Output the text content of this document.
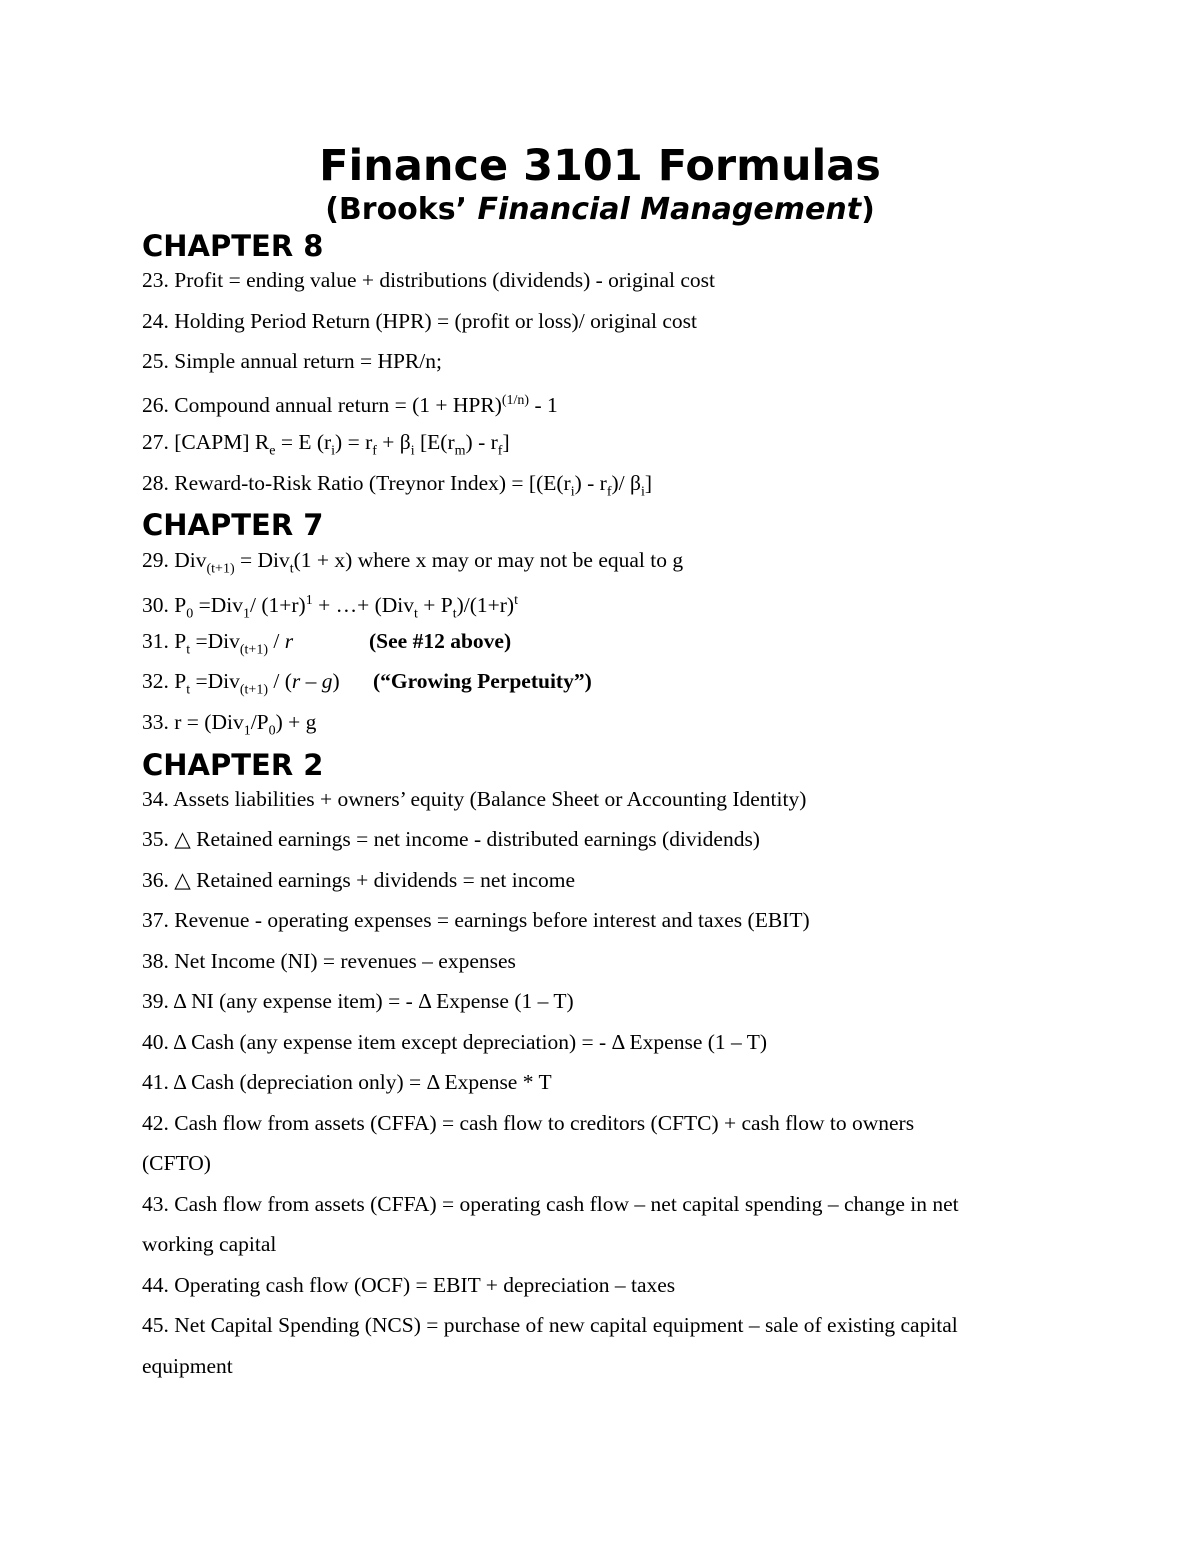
Finance 3101 Formulas
(Brooks’ Financial Management)
CHAPTER 8
23. Profit = ending value + distributions (dividends) - original cost
24. Holding Period Return (HPR) = (profit or loss)/ original cost
25. Simple annual return = HPR/n;
26. Compound annual return = (1 + HPR)$^{(1/n)}$ - 1
27. [CAPM] $R_e = E$ $(r_i) = r_f + \beta_i$ $[E(r_m) - r_f]$
28. Reward-to-Risk Ratio (Treynor Index) = [$(E(r_i) - r_f)/$ $\beta_i$]
CHAPTER 7
29. Div$_{(t+1)}$ = Div$_t$(1 + x) where x may or may not be equal to g
30. $P_0 =Div_1/$ $(1+r)^1$ + …+ $(Div_t + P_t)/(1+r)^t$
31. $P_t =Div_{(t+1)} / r$	(See #12 above)
32. $P_t =Div_{(t+1)} / (r - g)$ (“Growing Perpetuity”)
33. $r = (Div_1/P_0) + g$
CHAPTER 2
34. Assets liabilities + owners’ equity (Balance Sheet or Accounting Identity)
35. △ Retained earnings = net income - distributed earnings (dividends)
36. △ Retained earnings + dividends = net income
37. Revenue - operating expenses = earnings before interest and taxes (EBIT)
38. Net Income (NI) = revenues – expenses
39. Δ NI (any expense item) = - Δ Expense (1 – T)
40. Δ Cash (any expense item except depreciation) = - Δ Expense (1 – T)
41. Δ Cash (depreciation only) = Δ Expense * T
42. Cash flow from assets (CFFA) = cash flow to creditors (CFTC) + cash flow to owners
(CFTO)
43. Cash flow from assets (CFFA) = operating cash flow – net capital spending – change in net
working capital
44. Operating cash flow (OCF) = EBIT + depreciation – taxes
45. Net Capital Spending (NCS) = purchase of new capital equipment – sale of existing capital
equipment
